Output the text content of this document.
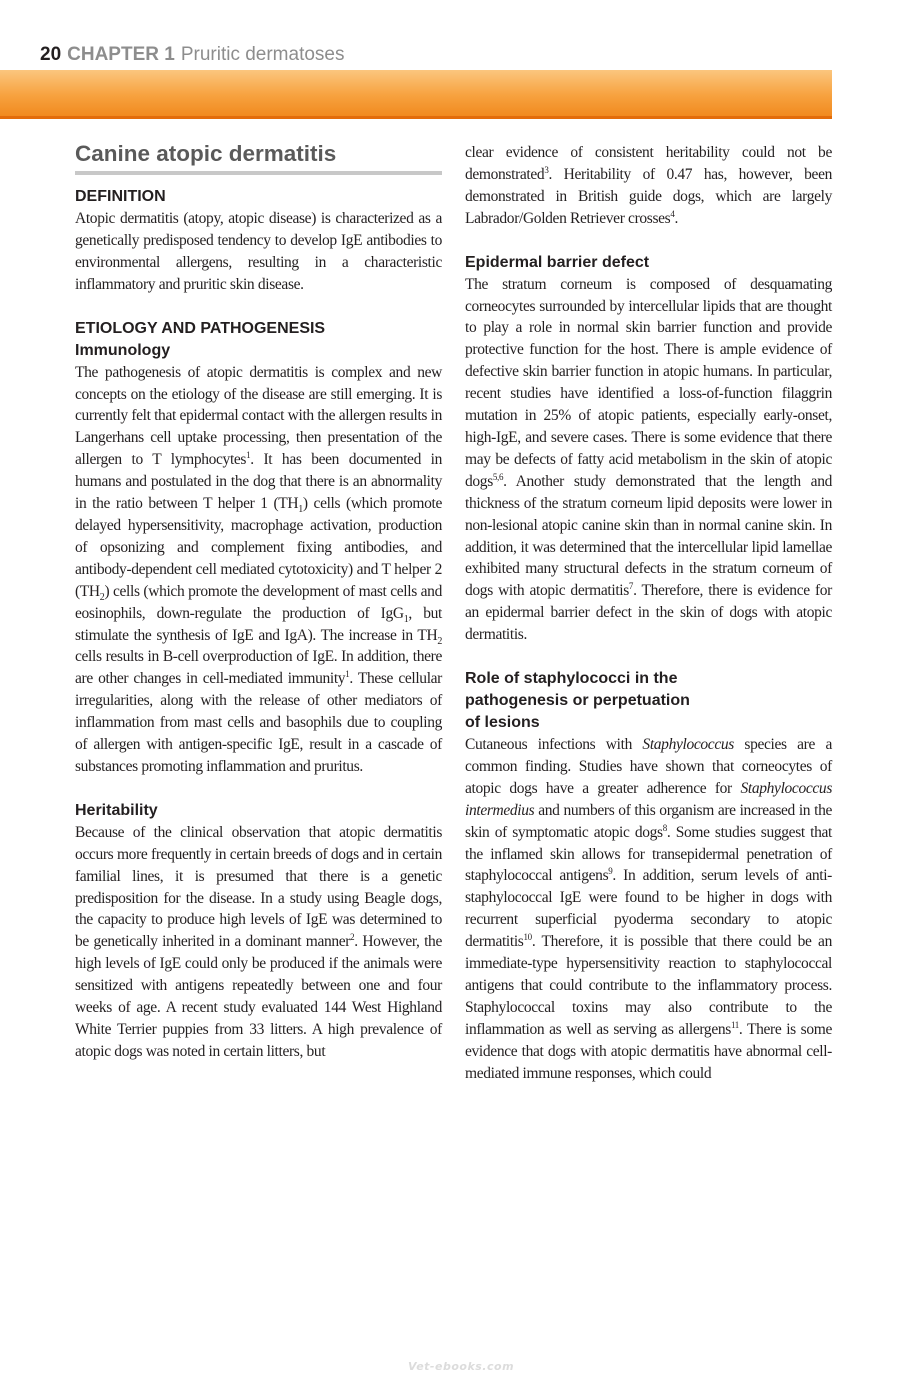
20 CHAPTER 1 Pruritic dermatoses
Canine atopic dermatitis
DEFINITION

Atopic dermatitis (atopy, atopic disease) is characterized as a genetically predisposed tendency to develop IgE antibodies to environmental allergens, resulting in a characteristic inflammatory and pruritic skin disease.

ETIOLOGY AND PATHOGENESIS
Immunology

The pathogenesis of atopic dermatitis is complex and new concepts on the etiology of the disease are still emerging. It is currently felt that epidermal contact with the allergen results in Langerhans cell uptake processing, then presentation of the allergen to T lymphocytes$^1$. It has been documented in humans and postulated in the dog that there is an abnormality in the ratio between T helper 1 $(TH_1)$ cells (which promote delayed hypersensitivity, macrophage activation, production of opsonizing and complement fixing antibodies, and antibody-dependent cell mediated cytotoxicity) and T helper 2 $(TH_2)$ cells (which promote the development of mast cells and eosinophils, down-regulate the production of IgG$_1$, but stimulate the synthesis of IgE and IgA). The increase in $TH_2$ cells results in B-cell overproduction of IgE. In addition, there are other changes in cell-mediated immunity$^1$. These cellular irregularities, along with the release of other mediators of inflammation from mast cells and basophils due to coupling of allergen with antigen-specific IgE, result in a cascade of substances promoting inflammation and pruritus.

Heritability

Because of the clinical observation that atopic dermatitis occurs more frequently in certain breeds of dogs and in certain familial lines, it is presumed that there is a genetic predisposition for the disease. In a study using Beagle dogs, the capacity to produce high levels of IgE was determined to be genetically inherited in a dominant manner$^2$. However, the high levels of IgE could only be produced if the animals were sensitized with antigens repeatedly between one and four weeks of age. A recent study evaluated 144 West Highland White Terrier puppies from 33 litters. A high prevalence of atopic dogs was noted in certain litters, but

clear evidence of consistent heritability could not be demonstrated$^3$. Heritability of 0.47 has, however, been demonstrated in British guide dogs, which are largely Labrador/Golden Retriever crosses$^4$.

Epidermal barrier defect

The stratum corneum is composed of desquamating corneocytes surrounded by intercellular lipids that are thought to play a role in normal skin barrier function and provide protective function for the host. There is ample evidence of defective skin barrier function in atopic humans. In particular, recent studies have identified a loss-of-function filaggrin mutation in 25% of atopic patients, especially early-onset, high-IgE, and severe cases. There is some evidence that there may be defects of fatty acid metabolism in the skin of atopic dogs$^{5,6}$. Another study demonstrated that the length and thickness of the stratum corneum lipid deposits were lower in non-lesional atopic canine skin than in normal canine skin. In addition, it was determined that the intercellular lipid lamellae exhibited many structural defects in the stratum corneum of dogs with atopic dermatitis$^7$. Therefore, there is evidence for an epidermal barrier defect in the skin of dogs with atopic dermatitis.

Role of staphylococci in the
pathogenesis or perpetuation
of lesions

Cutaneous infections with Staphylococcus species are a common finding. Studies have shown that corneocytes of atopic dogs have a greater adherence for Staphylococcus intermedius and numbers of this organism are increased in the skin of symptomatic atopic dogs$^8$. Some studies suggest that the inflamed skin allows for transepidermal penetration of staphylococcal antigens$^9$. In addition, serum levels of anti-staphylococcal IgE were found to be higher in dogs with recurrent superficial pyoderma secondary to atopic dermatitis$^{10}$. Therefore, it is possible that there could be an immediate-type hypersensitivity reaction to staphylococcal antigens that could contribute to the inflammatory process. Staphylococcal toxins may also contribute to the inflammation as well as serving as allergens$^{11}$. There is some evidence that dogs with atopic dermatitis have abnormal cell-mediated immune responses, which could

Vet-ebooks.com
